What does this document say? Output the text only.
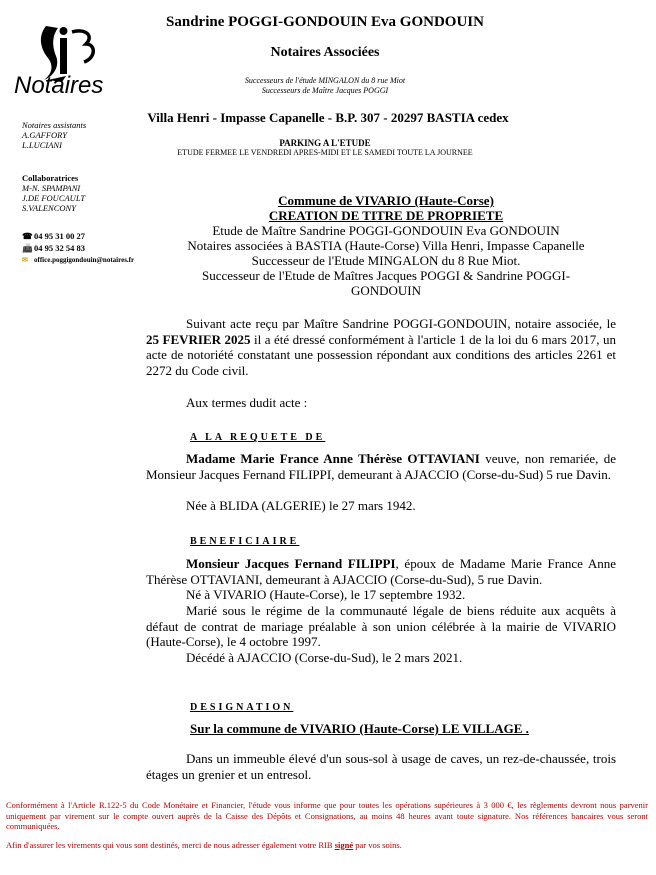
Sandrine POGGI-GONDOUIN Eva GONDOUIN
Notaires Associées
Successeurs de l'étude MINGALON du 8 rue Miot
Successeurs de Maître Jacques POGGI
Villa Henri - Impasse Capanelle - B.P. 307 - 20297 BASTIA cedex
PARKING A L'ETUDE
ETUDE FERMEE LE VENDREDI APRES-MIDI ET LE SAMEDI TOUTE LA JOURNEE
Notaires
Notaires assistants
A.GAFFORY
L.LUCIANI
Collaboratrices
M-N. SPAMPANI
J.DE FOUCAULT
S.VALENCONY
☎04 95 31 00 27
📠04 95 32 54 83
✉ office.poggigondouin@notaires.fr
Commune de VIVARIO (Haute-Corse)
CREATION DE TITRE DE PROPRIETE
Etude de Maître Sandrine POGGI-GONDOUIN Eva GONDOUIN
Notaires associées à BASTIA (Haute-Corse) Villa Henri, Impasse Capanelle
Successeur de l'Etude MINGALON du 8 Rue Miot.
Successeur de l'Etude de Maîtres Jacques POGGI & Sandrine POGGI-
GONDOUIN
Suivant acte reçu par Maître Sandrine POGGI-GONDOUIN, notaire associée, le 25 FEVRIER 2025 il a été dressé conformément à l'article 1 de la loi du 6 mars 2017, un acte de notoriété constatant une possession répondant aux conditions des articles 2261 et 2272 du Code civil.
Aux termes dudit acte :
A LA REQUETE DE
Madame Marie France Anne Thérèse OTTAVIANI veuve, non remariée, de Monsieur Jacques Fernand FILIPPI, demeurant à AJACCIO (Corse-du-Sud) 5 rue Davin.
Née à BLIDA (ALGERIE) le 27 mars 1942.
BENEFICIAIRE
Monsieur Jacques Fernand FILIPPI, époux de Madame Marie France Anne Thérèse OTTAVIANI, demeurant à AJACCIO (Corse-du-Sud), 5 rue Davin.
Né à VIVARIO (Haute-Corse), le 17 septembre 1932.
Marié sous le régime de la communauté légale de biens réduite aux acquêts à défaut de contrat de mariage préalable à son union célébrée à la mairie de VIVARIO (Haute-Corse), le 4 octobre 1997.
Décédé à AJACCIO (Corse-du-Sud), le 2 mars 2021.
DESIGNATION
Sur la commune de VIVARIO (Haute-Corse) LE VILLAGE .
Dans un immeuble élevé d'un sous-sol à usage de caves, un rez-de-chaussée, trois étages un grenier et un entresol.
Conformément à l'Article R.122-5 du Code Monétaire et Financier, l'étude vous informe que pour toutes les opérations supérieures à 3 000 €, les règlements devront nous parvenir uniquement par virement sur le compte ouvert auprès de la Caisse des Dépôts et Consignations, au moins 48 heures avant toute signature. Nos références bancaires vous seront communiquées.
Afin d'assurer les virements qui vous sont destinés, merci de nous adresser également votre RIB signé par vos soins.
